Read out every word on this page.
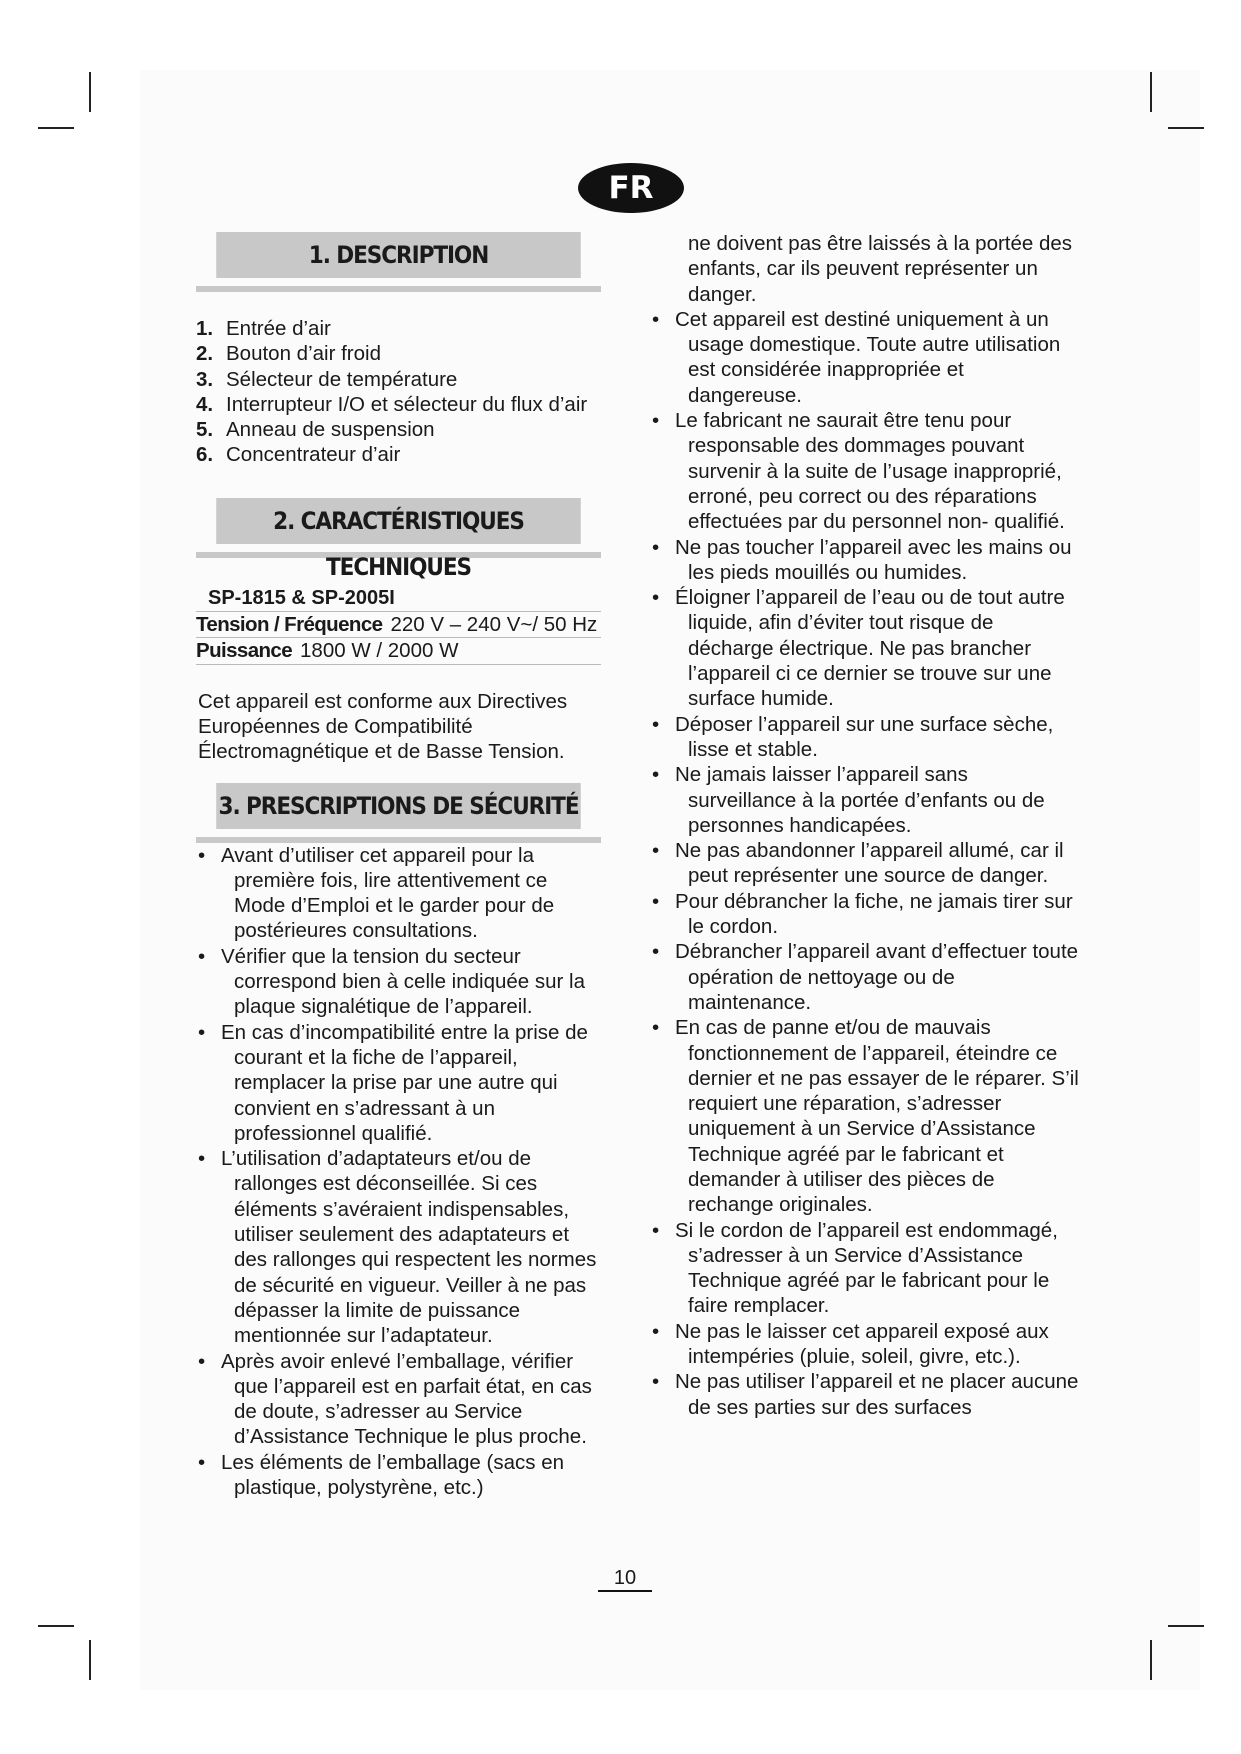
FR
1. DESCRIPTION
1. Entrée d’air
2. Bouton d’air froid
3. Sélecteur de température
4. Interrupteur I/O et sélecteur du flux d’air
5. Anneau de suspension
6. Concentrateur d’air
2. CARACTÉRISTIQUES TECHNIQUES
SP-1815 & SP-2005I
Tension / Fréquence 220 V – 240 V~/ 50 Hz
Puissance 1800 W / 2000 W
Cet appareil est conforme aux Directives Européennes de Compatibilité Électromagnétique et de Basse Tension.
3. PRESCRIPTIONS DE SÉCURITÉ
• Avant d’utiliser cet appareil pour la première fois, lire attentivement ce Mode d’Emploi et le garder pour de postérieures consultations.
• Vérifier que la tension du secteur correspond bien à celle indiquée sur la plaque signalétique de l’appareil.
• En cas d’incompatibilité entre la prise de courant et la fiche de l’appareil, remplacer la prise par une autre qui convient en s’adressant à un professionnel qualifié.
• L’utilisation d’adaptateurs et/ou de rallonges est déconseillée. Si ces éléments s’avéraient indispensables, utiliser seulement des adaptateurs et des rallonges qui respectent les normes de sécurité en vigueur. Veiller à ne pas dépasser la limite de puissance mentionnée sur l’adaptateur.
• Après avoir enlevé l’emballage, vérifier que l’appareil est en parfait état, en cas de doute, s’adresser au Service d’Assistance Technique le plus proche.
• Les éléments de l’emballage (sacs en plastique, polystyrène, etc.)
ne doivent pas être laissés à la portée des enfants, car ils peuvent représenter un danger.
• Cet appareil est destiné uniquement à un usage domestique. Toute autre utilisation est considérée inappropriée et dangereuse.
• Le fabricant ne saurait être tenu pour responsable des dommages pouvant survenir à la suite de l’usage inapproprié, erroné, peu correct ou des réparations effectuées par du personnel non- qualifié.
• Ne pas toucher l’appareil avec les mains ou les pieds mouillés ou humides.
• Éloigner l’appareil de l’eau ou de tout autre liquide, afin d’éviter tout risque de décharge électrique. Ne pas brancher l’appareil ci ce dernier se trouve sur une surface humide.
• Déposer l’appareil sur une surface sèche, lisse et stable.
• Ne jamais laisser l’appareil sans surveillance à la portée d’enfants ou de personnes handicapées.
• Ne pas abandonner l’appareil allumé, car il peut représenter une source de danger.
• Pour débrancher la fiche, ne jamais tirer sur le cordon.
• Débrancher l’appareil avant d’effectuer toute opération de nettoyage ou de maintenance.
• En cas de panne et/ou de mauvais fonctionnement de l’appareil, éteindre ce dernier et ne pas essayer de le réparer. S’il requiert une réparation, s’adresser uniquement à un Service d’Assistance Technique agréé par le fabricant et demander à utiliser des pièces de rechange originales.
• Si le cordon de l’appareil est endommagé, s’adresser à un Service d’Assistance Technique agréé par le fabricant pour le faire remplacer.
• Ne pas le laisser cet appareil exposé aux intempéries (pluie, soleil, givre, etc.).
• Ne pas utiliser l’appareil et ne placer aucune de ses parties sur des surfaces
10
